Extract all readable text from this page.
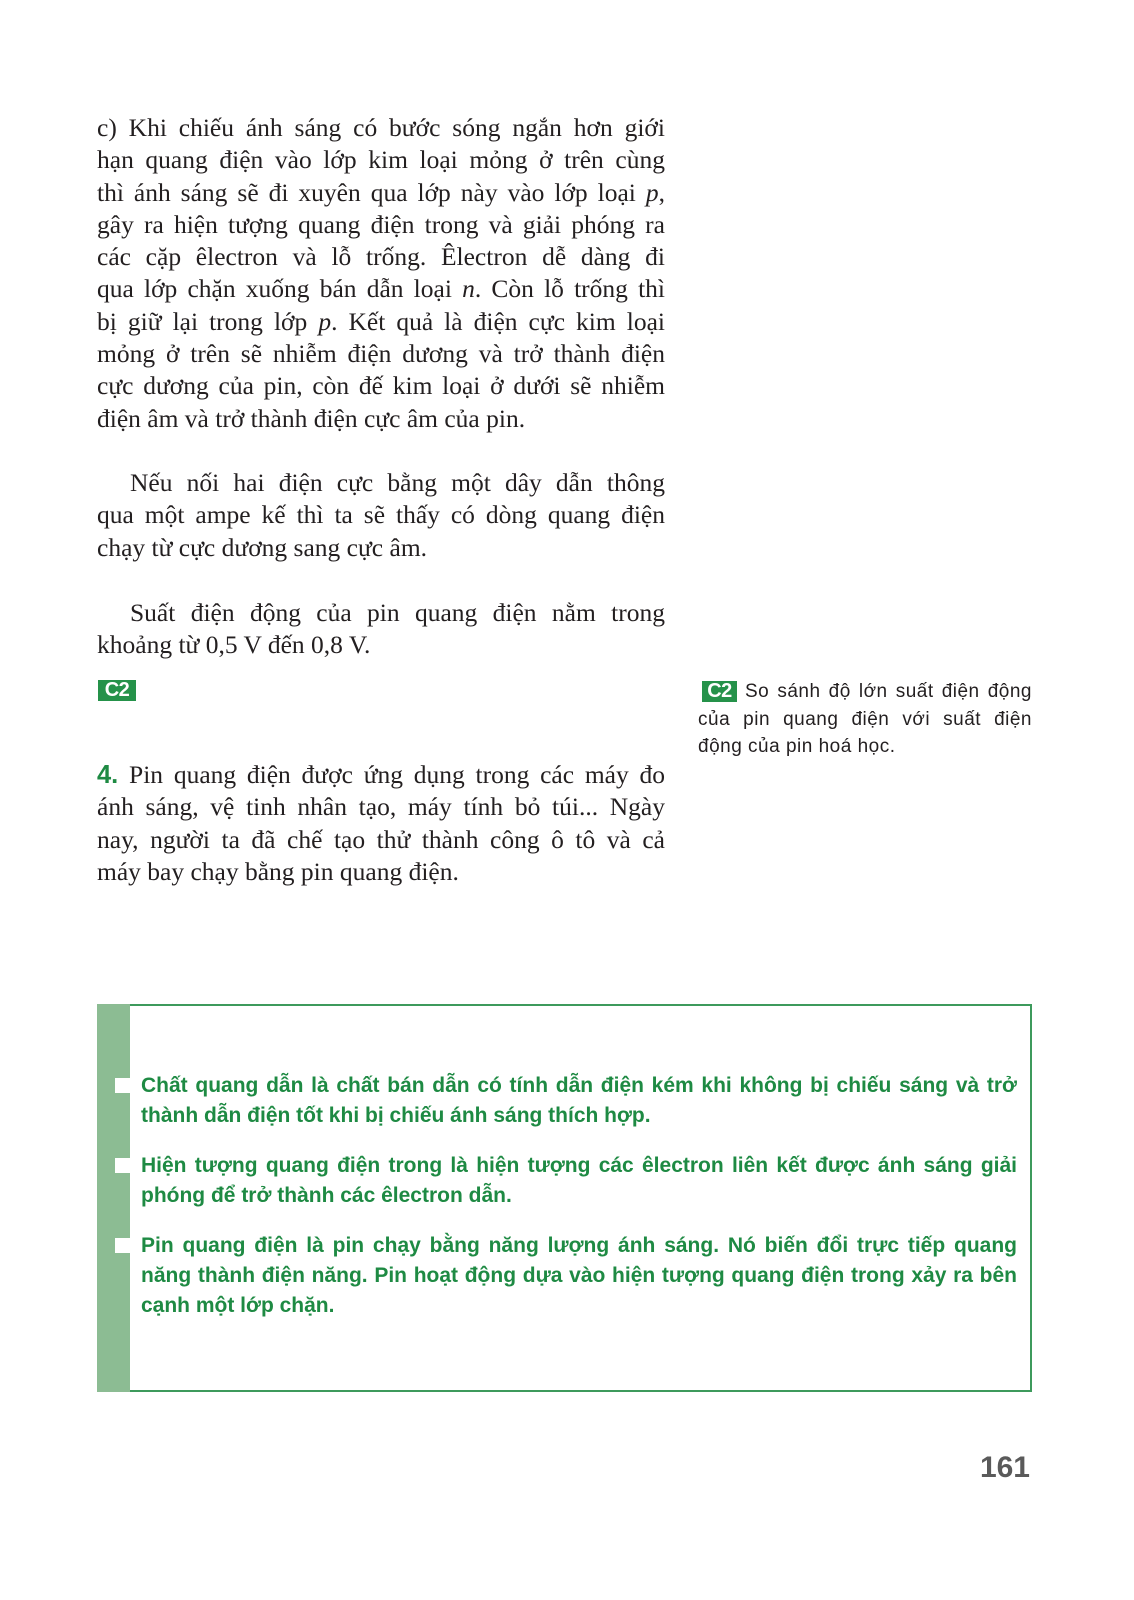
c) Khi chiếu ánh sáng có bước sóng ngắn hơn giới
hạn quang điện vào lớp kim loại mỏng ở trên cùng
thì ánh sáng sẽ đi xuyên qua lớp này vào lớp loại p,
gây ra hiện tượng quang điện trong và giải phóng ra
các cặp êlectron và lỗ trống. Êlectron dễ dàng đi
qua lớp chặn xuống bán dẫn loại n. Còn lỗ trống thì
bị giữ lại trong lớp p. Kết quả là điện cực kim loại
mỏng ở trên sẽ nhiễm điện dương và trở thành điện
cực dương của pin, còn đế kim loại ở dưới sẽ nhiễm
điện âm và trở thành điện cực âm của pin.
Nếu nối hai điện cực bằng một dây dẫn thông
qua một ampe kế thì ta sẽ thấy có dòng quang điện
chạy từ cực dương sang cực âm.
Suất điện động của pin quang điện nằm trong
khoảng từ 0,5 V đến 0,8 V.
C2
4. Pin quang điện được ứng dụng trong các máy đo
ánh sáng, vệ tinh nhân tạo, máy tính bỏ túi... Ngày
nay, người ta đã chế tạo thử thành công ô tô và cả
máy bay chạy bằng pin quang điện.
C2 So sánh độ lớn suất điện động
của pin quang điện với suất điện
động của pin hoá học.
Chất quang dẫn là chất bán dẫn có tính dẫn điện kém khi không bị chiếu sáng và trở
thành dẫn điện tốt khi bị chiếu ánh sáng thích hợp.
Hiện tượng quang điện trong là hiện tượng các êlectron liên kết được ánh sáng giải
phóng để trở thành các êlectron dẫn.
Pin quang điện là pin chạy bằng năng lượng ánh sáng. Nó biến đổi trực tiếp quang
năng thành điện năng. Pin hoạt động dựa vào hiện tượng quang điện trong xảy ra bên
cạnh một lớp chặn.
161
